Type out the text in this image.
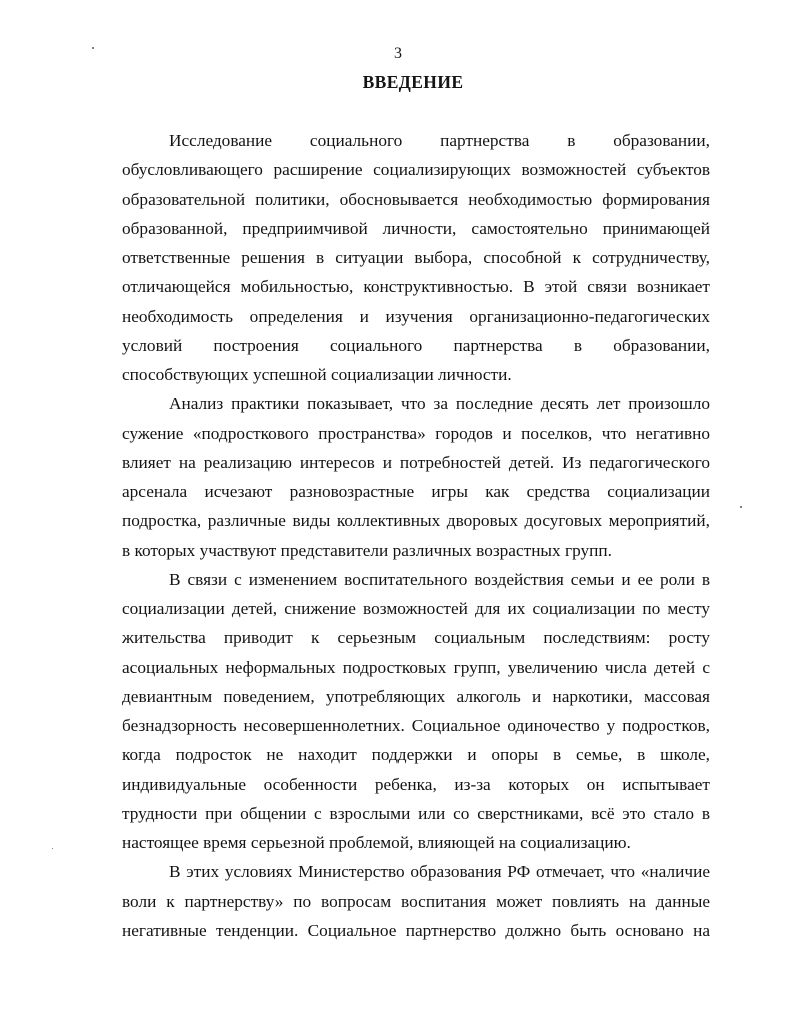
3
ВВЕДЕНИЕ
Исследование социального партнерства в образовании,
обусловливающего расширение социализирующих возможностей субъектов
образовательной политики, обосновывается необходимостью формирования
образованной, предприимчивой личности, самостоятельно принимающей
ответственные решения в ситуации выбора, способной к сотрудничеству,
отличающейся мобильностью, конструктивностью. В этой связи возникает
необходимость определения и изучения организационно-педагогических
условий построения социального партнерства в образовании,
способствующих успешной социализации личности.
Анализ практики показывает, что за последние десять лет произошло
сужение «подросткового пространства» городов и поселков, что негативно
влияет на реализацию интересов и потребностей детей. Из педагогического
арсенала исчезают разновозрастные игры как средства социализации
подростка, различные виды коллективных дворовых досуговых мероприятий,
в которых участвуют представители различных возрастных групп.
В связи с изменением воспитательного воздействия семьи и ее роли в
социализации детей, снижение возможностей для их социализации по месту
жительства приводит к серьезным социальным последствиям: росту
асоциальных неформальных подростковых групп, увеличению числа детей с
девиантным поведением, употребляющих алкоголь и наркотики, массовая
безнадзорность несовершеннолетних. Социальное одиночество у подростков,
когда подросток не находит поддержки и опоры в семье, в школе,
индивидуальные особенности ребенка, из-за которых он испытывает
трудности при общении с взрослыми или со сверстниками, всё это стало в
настоящее время серьезной проблемой, влияющей на социализацию.
В этих условиях Министерство образования РФ отмечает, что «наличие
воли к партнерству» по вопросам воспитания может повлиять на данные
негативные тенденции. Социальное партнерство должно быть основано на
